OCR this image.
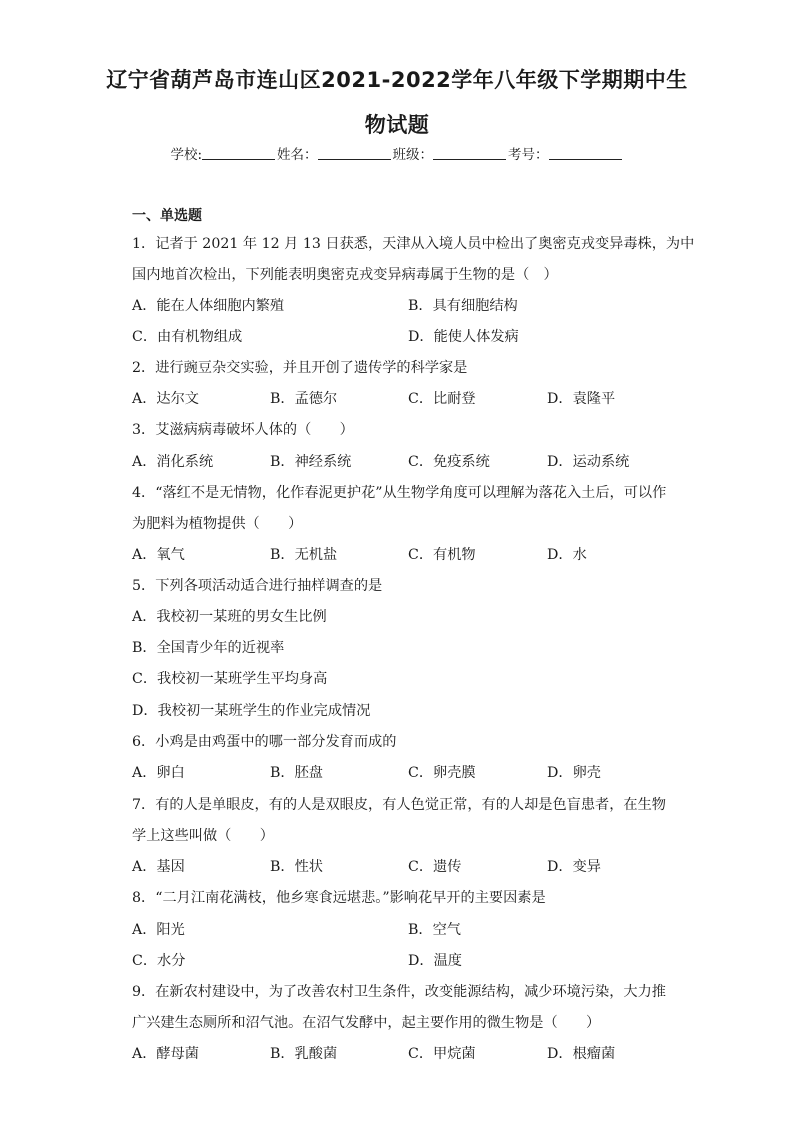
辽宁省葫芦岛市连山区2021-2022学年八年级下学期期中生
物试题
学校:	姓名：	班级：	考号：
一、单选题

1．记者于 2021 年 12 月 13 日获悉，天津从入境人员中检出了奥密克戎变异毒株，为中

国内地首次检出，下列能表明奥密克戎变异病毒属于生物的是（　）

A．能在人体细胞内繁殖	B．具有细胞结构
C．由有机物组成	D．能使人体发病

2．进行豌豆杂交实验，并且开创了遗传学的科学家是

A．达尔文	B．孟德尔	C．比耐登	D．袁隆平

3．艾滋病病毒破坏人体的（　　）

A．消化系统	B．神经系统	C．免疫系统	D．运动系统

4．“落红不是无情物，化作春泥更护花”从生物学角度可以理解为落花入土后，可以作

为肥料为植物提供（　　）

A．氧气	B．无机盐	C．有机物	D．水

5．下列各项活动适合进行抽样调查的是

A．我校初一某班的男女生比例
B．全国青少年的近视率
C．我校初一某班学生平均身高
D．我校初一某班学生的作业完成情况

6．小鸡是由鸡蛋中的哪一部分发育而成的

A．卵白	B．胚盘	C．卵壳膜	D．卵壳

7．有的人是单眼皮，有的人是双眼皮，有人色觉正常，有的人却是色盲患者，在生物

学上这些叫做（　　）

A．基因	B．性状	C．遗传	D．变异

8．“二月江南花满枝，他乡寒食远堪悲。”影响花早开的主要因素是

A．阳光	B．空气
C．水分	D．温度

9．在新农村建设中，为了改善农村卫生条件，改变能源结构，减少环境污染，大力推

广兴建生态厕所和沼气池。在沼气发酵中，起主要作用的微生物是（　　）

A．酵母菌	B．乳酸菌	C．甲烷菌	D．根瘤菌
